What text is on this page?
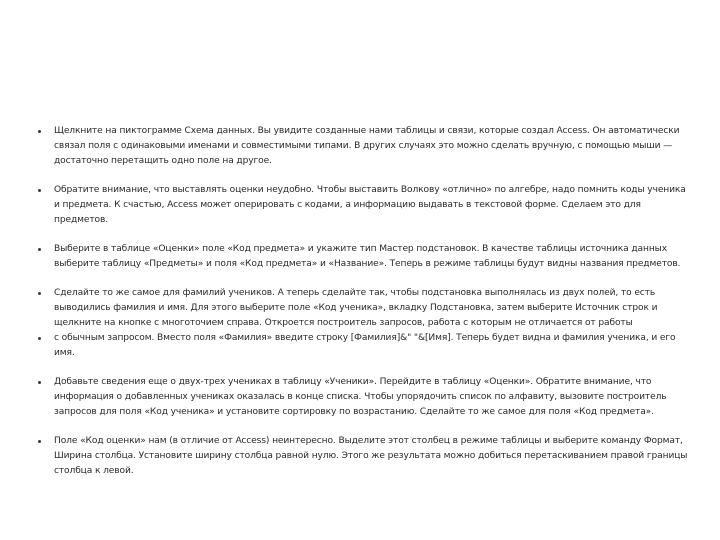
Щелкните на пиктограмме Схема данных. Вы увидите созданные нами таблицы и связи, которые создал Access. Он автоматически связал поля с одинаковыми именами и совместимыми типами. В других случаях это можно сделать вручную, с помощью мыши — достаточно перетащить одно поле на другое.
Обратите внимание, что выставлять оценки неудобно. Чтобы выставить Волкову «отлично» по алгебре, надо помнить коды ученика и предмета. К счастью, Access может оперировать с кодами, а информацию выдавать в текстовой форме. Сделаем это для предметов.
Выберите в таблице «Оценки» поле «Код предмета» и укажите тип Мастер подстановок. В качестве таблицы источника данных выберите таблицу «Предметы» и поля «Код предмета» и «Название». Теперь в режиме таблицы будут видны названия предметов.
Сделайте то же самое для фамилий учеников. А теперь сделайте так, чтобы подстановка выполнялась из двух полей, то есть выводились фамилия и имя. Для этого выберите поле «Код ученика», вкладку Подстановка, затем выберите Источник строк и щелкните на кнопке с многоточием справа. Откроется построитель запросов, работа с которым не отличается от работы
с обычным запросом. Вместо поля «Фамилия» введите строку [Фамилия]&" "&[Имя]. Теперь будет видна и фамилия ученика, и его имя.
Добавьте сведения еще о двух-трех учениках в таблицу «Ученики». Перейдите в таблицу «Оценки». Обратите внимание, что информация о добавленных учениках оказалась в конце списка. Чтобы упорядочить список по алфавиту, вызовите построитель запросов для поля «Код ученика» и установите сортировку по возрастанию. Сделайте то же самое для поля «Код предмета».
Поле «Код оценки» нам (в отличие от Access) неинтересно. Выделите этот столбец в режиме таблицы и выберите команду Формат, Ширина столбца. Установите ширину столбца равной нулю. Этого же результата можно добиться перетаскиванием правой границы столбца к левой.
